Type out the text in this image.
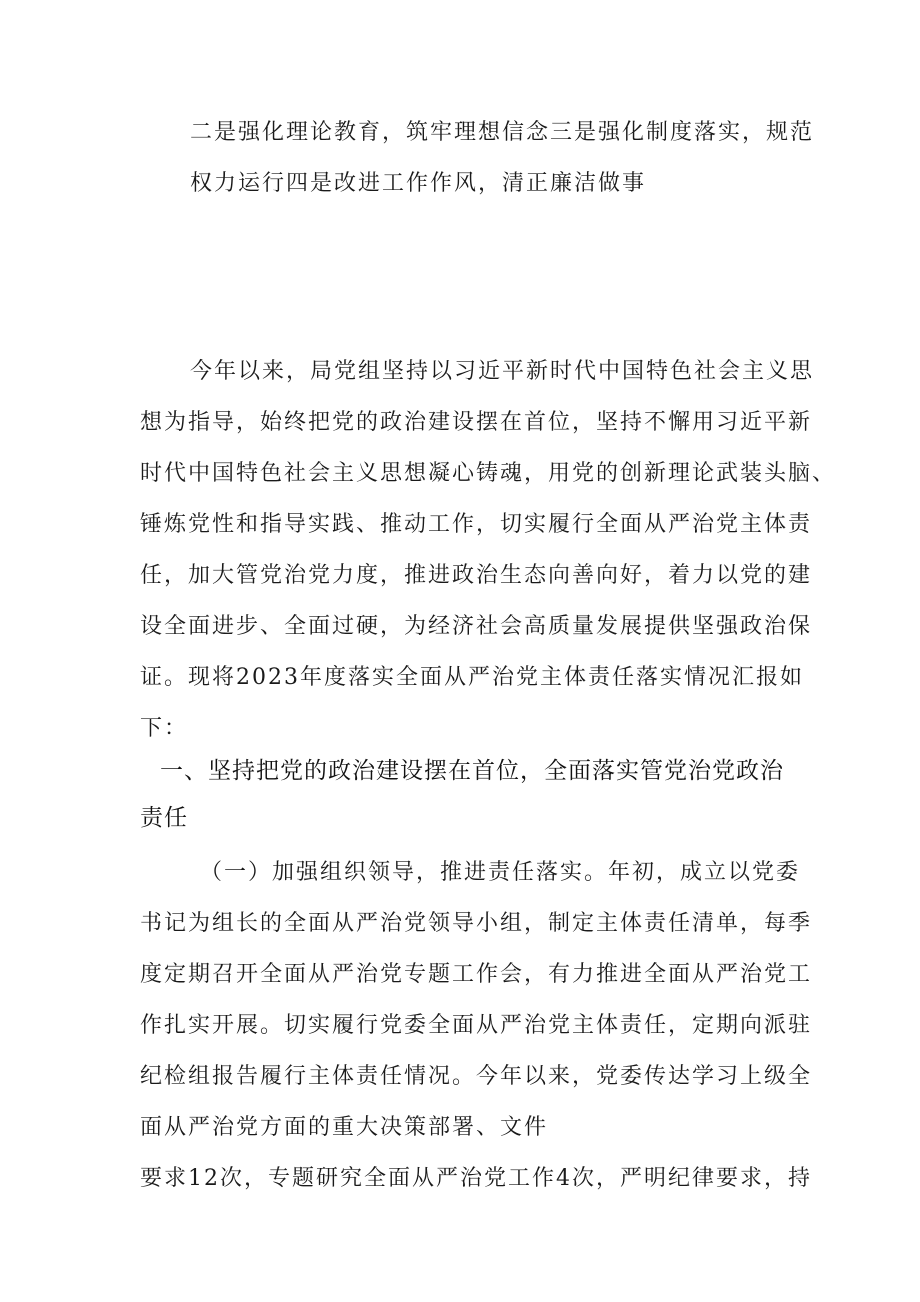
二是强化理论教育，筑牢理想信念三是强化制度落实，规范
权力运行四是改进工作作风，清正廉洁做事
今年以来，局党组坚持以习近平新时代中国特色社会主义思
想为指导，始终把党的政治建设摆在首位，坚持不懈用习近平新
时代中国特色社会主义思想凝心铸魂，用党的创新理论武装头脑、
锤炼党性和指导实践、推动工作，切实履行全面从严治党主体责
任，加大管党治党力度，推进政治生态向善向好，着力以党的建
设全面进步、全面过硬，为经济社会高质量发展提供坚强政治保
证。现将2023年度落实全面从严治党主体责任落实情况汇报如
下：
一、坚持把党的政治建设摆在首位，全面落实管党治党政治
责任
（一）加强组织领导，推进责任落实。年初，成立以党委
书记为组长的全面从严治党领导小组，制定主体责任清单，每季
度定期召开全面从严治党专题工作会，有力推进全面从严治党工
作扎实开展。切实履行党委全面从严治党主体责任，定期向派驻
纪检组报告履行主体责任情况。今年以来，党委传达学习上级全
面从严治党方面的重大决策部署、文件
要求12次，专题研究全面从严治党工作4次，严明纪律要求，持
